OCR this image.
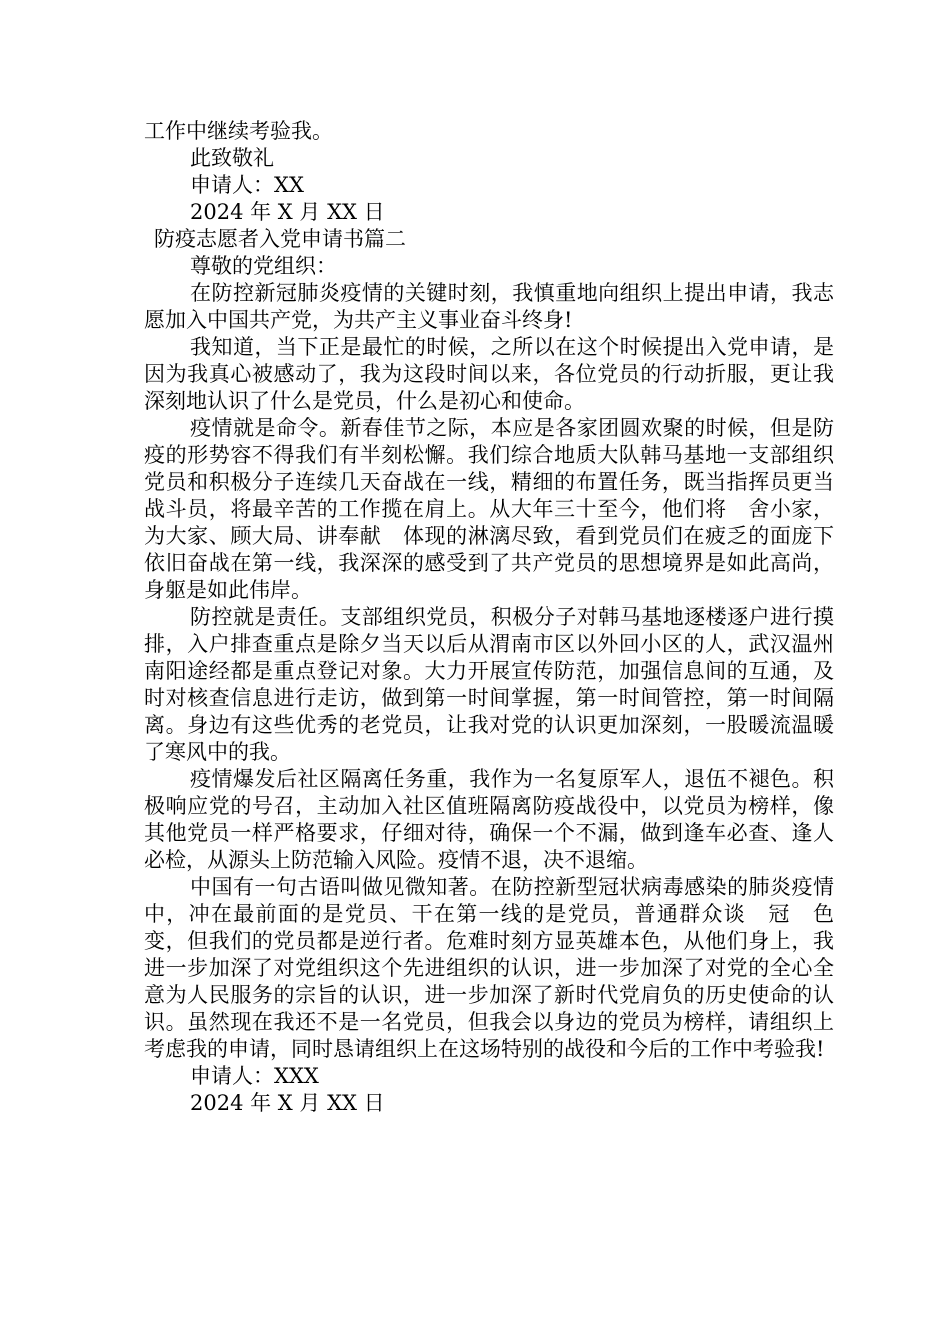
工作中继续考验我。

此致敬礼

申请人：XX

2024 年 X 月 XX 日

防疫志愿者入党申请书篇二

尊敬的党组织：

在防控新冠肺炎疫情的关键时刻，我慎重地向组织上提出申请，我志愿加入中国共产党，为共产主义事业奋斗终身!

我知道，当下正是最忙的时候，之所以在这个时候提出入党申请，是因为我真心被感动了，我为这段时间以来，各位党员的行动折服，更让我深刻地认识了什么是党员，什么是初心和使命。

疫情就是命令。新春佳节之际，本应是各家团圆欢聚的时候，但是防疫的形势容不得我们有半刻松懈。我们综合地质大队韩马基地一支部组织党员和积极分子连续几天奋战在一线，精细的布置任务，既当指挥员更当战斗员，将最辛苦的工作揽在肩上。从大年三十至今，他们将　舍小家，为大家、顾大局、讲奉献　体现的淋漓尽致，看到党员们在疲乏的面庞下依旧奋战在第一线，我深深的感受到了共产党员的思想境界是如此高尚，身躯是如此伟岸。

防控就是责任。支部组织党员，积极分子对韩马基地逐楼逐户进行摸排，入户排查重点是除夕当天以后从渭南市区以外回小区的人，武汉温州南阳途经都是重点登记对象。大力开展宣传防范，加强信息间的互通，及时对核查信息进行走访，做到第一时间掌握，第一时间管控，第一时间隔离。身边有这些优秀的老党员，让我对党的认识更加深刻，一股暖流温暖了寒风中的我。

疫情爆发后社区隔离任务重，我作为一名复原军人，退伍不褪色。积极响应党的号召，主动加入社区值班隔离防疫战役中，以党员为榜样，像其他党员一样严格要求，仔细对待，确保一个不漏，做到逢车必查、逢人必检，从源头上防范输入风险。疫情不退，决不退缩。

中国有一句古语叫做见微知著。在防控新型冠状病毒感染的肺炎疫情中，冲在最前面的是党员、干在第一线的是党员，普通群众谈　冠　色变，但我们的党员都是逆行者。危难时刻方显英雄本色，从他们身上，我进一步加深了对党组织这个先进组织的认识，进一步加深了对党的全心全意为人民服务的宗旨的认识，进一步加深了新时代党肩负的历史使命的认识。虽然现在我还不是一名党员，但我会以身边的党员为榜样，请组织上考虑我的申请，同时恳请组织上在这场特别的战役和今后的工作中考验我!

申请人：XXX

2024 年 X 月 XX 日
